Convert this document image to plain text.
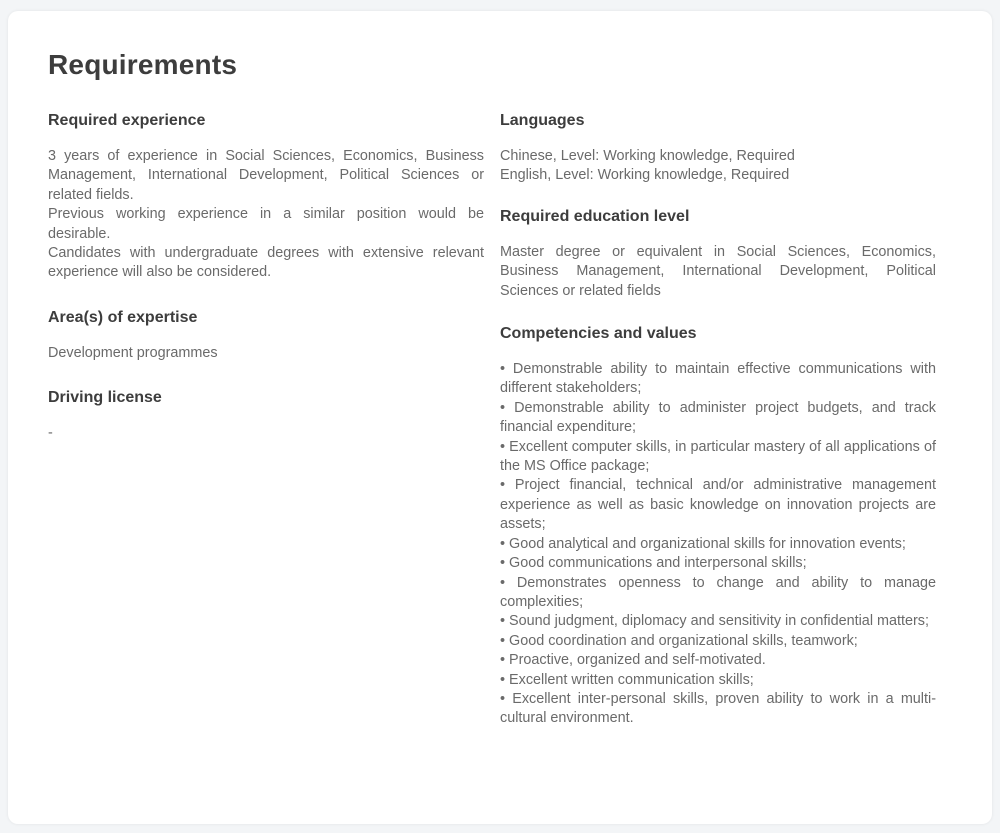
Requirements
Required experience

3 years of experience in Social Sciences, Economics, Business Management, International Development, Political Sciences or related fields.

Previous working experience in a similar position would be desirable.

Candidates with undergraduate degrees with extensive relevant experience will also be considered.

Area(s) of expertise
Development programmes
Driving license
-
Languages

Chinese, Level: Working knowledge, Required

English, Level: Working knowledge, Required

Required education level
Master degree or equivalent in Social Sciences, Economics, Business Management, International Development, Political Sciences or related fields
Competencies and values

• Demonstrable ability to maintain effective communications with different stakeholders;

• Demonstrable ability to administer project budgets, and track financial expenditure;

• Excellent computer skills, in particular mastery of all applications of the MS Office package;

• Project financial, technical and/or administrative management experience as well as basic knowledge on innovation projects are assets;

• Good analytical and organizational skills for innovation events;

• Good communications and interpersonal skills;

• Demonstrates openness to change and ability to manage complexities;

• Sound judgment, diplomacy and sensitivity in confidential matters;

• Good coordination and organizational skills, teamwork;

• Proactive, organized and self-motivated.

• Excellent written communication skills;

• Excellent inter-personal skills, proven ability to work in a multi-cultural environment.
